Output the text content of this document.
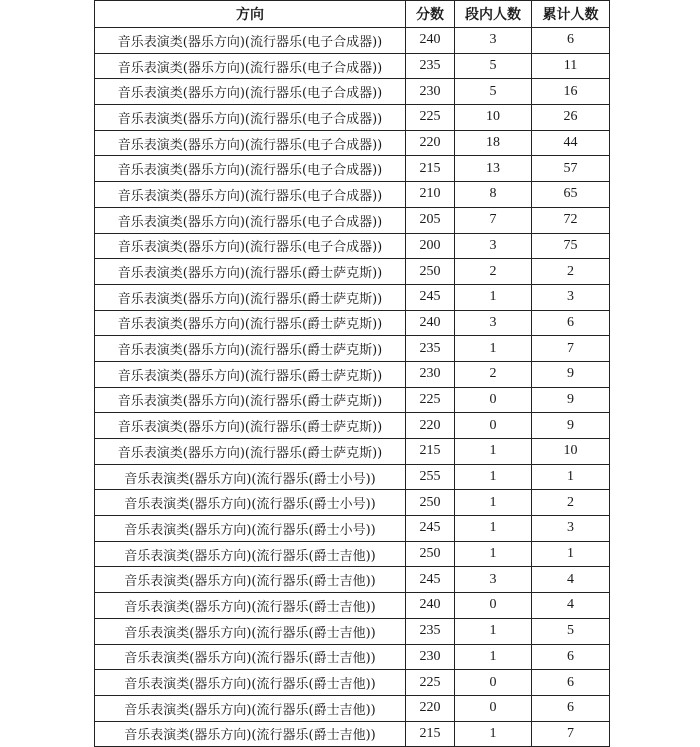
方向	分数	段内人数	累计人数
音乐表演类(器乐方向)(流行器乐(电子合成器))	240	3	6
音乐表演类(器乐方向)(流行器乐(电子合成器))	235	5	11
音乐表演类(器乐方向)(流行器乐(电子合成器))	230	5	16
音乐表演类(器乐方向)(流行器乐(电子合成器))	225	10	26
音乐表演类(器乐方向)(流行器乐(电子合成器))	220	18	44
音乐表演类(器乐方向)(流行器乐(电子合成器))	215	13	57
音乐表演类(器乐方向)(流行器乐(电子合成器))	210	8	65
音乐表演类(器乐方向)(流行器乐(电子合成器))	205	7	72
音乐表演类(器乐方向)(流行器乐(电子合成器))	200	3	75
音乐表演类(器乐方向)(流行器乐(爵士萨克斯))	250	2	2
音乐表演类(器乐方向)(流行器乐(爵士萨克斯))	245	1	3
音乐表演类(器乐方向)(流行器乐(爵士萨克斯))	240	3	6
音乐表演类(器乐方向)(流行器乐(爵士萨克斯))	235	1	7
音乐表演类(器乐方向)(流行器乐(爵士萨克斯))	230	2	9
音乐表演类(器乐方向)(流行器乐(爵士萨克斯))	225	0	9
音乐表演类(器乐方向)(流行器乐(爵士萨克斯))	220	0	9
音乐表演类(器乐方向)(流行器乐(爵士萨克斯))	215	1	10
音乐表演类(器乐方向)(流行器乐(爵士小号))	255	1	1
音乐表演类(器乐方向)(流行器乐(爵士小号))	250	1	2
音乐表演类(器乐方向)(流行器乐(爵士小号))	245	1	3
音乐表演类(器乐方向)(流行器乐(爵士吉他))	250	1	1
音乐表演类(器乐方向)(流行器乐(爵士吉他))	245	3	4
音乐表演类(器乐方向)(流行器乐(爵士吉他))	240	0	4
音乐表演类(器乐方向)(流行器乐(爵士吉他))	235	1	5
音乐表演类(器乐方向)(流行器乐(爵士吉他))	230	1	6
音乐表演类(器乐方向)(流行器乐(爵士吉他))	225	0	6
音乐表演类(器乐方向)(流行器乐(爵士吉他))	220	0	6
音乐表演类(器乐方向)(流行器乐(爵士吉他))	215	1	7
